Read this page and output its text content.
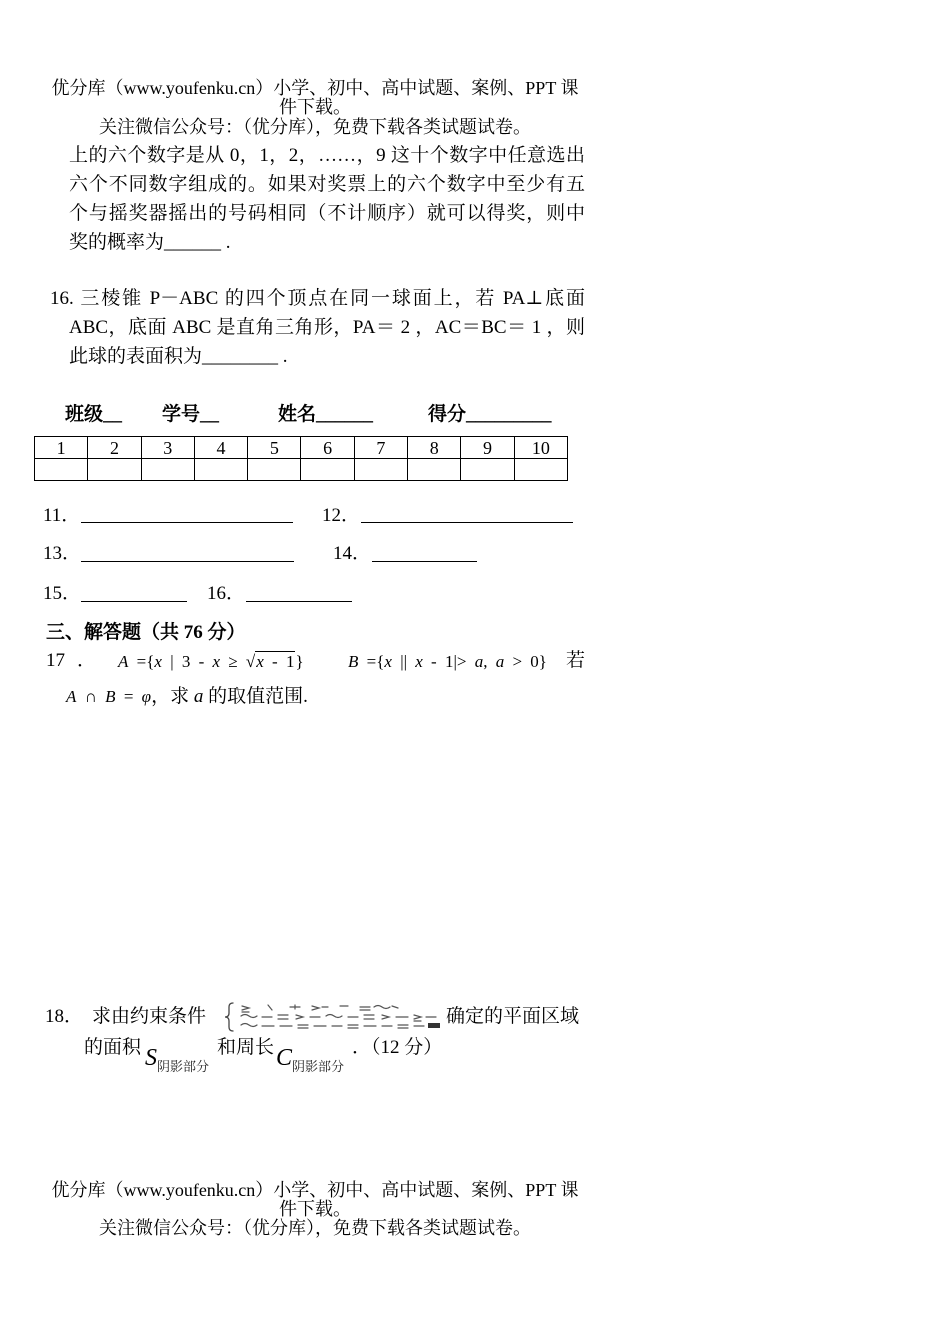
优分库（www.youfenku.cn）小学、初中、高中试题、案例、PPT 课
件下载。
关注微信公众号：（优分库），免费下载各类试题试卷。
上的六个数字是从 0，1，2，……，9 这十个数字中任意选出
六个不同数字组成的。如果对奖票上的六个数字中至少有五
个与摇奖器摇出的号码相同（不计顺序）就可以得奖，则中
奖的概率为______ .
16. 三棱锥 P－ABC 的四个顶点在同一球面上，若 PA⊥底面
ABC，底面 ABC 是直角三角形，PA＝ 2 ，AC＝BC＝ 1 ，则
此球的表面积为________ .
班级__ 学号__	姓名______	得分_________
1	2	3	4	5	6	7	8	9	10

11．	12．
13．	14．
15．	16．
三、解答题（共 76 分）
17 ． A ={x | 3 - x ≥ √x - 1}	B ={x || x - 1|> a, a > 0} 若
A ∩ B = φ，求 a 的取值范围.
18． 求由约束条件	确定的平面区域
的面积 S 阴影部分
和周长 C 阴影部分
．（12 分）
优分库（www.youfenku.cn）小学、初中、高中试题、案例、PPT 课
件下载。
关注微信公众号：（优分库），免费下载各类试题试卷。
